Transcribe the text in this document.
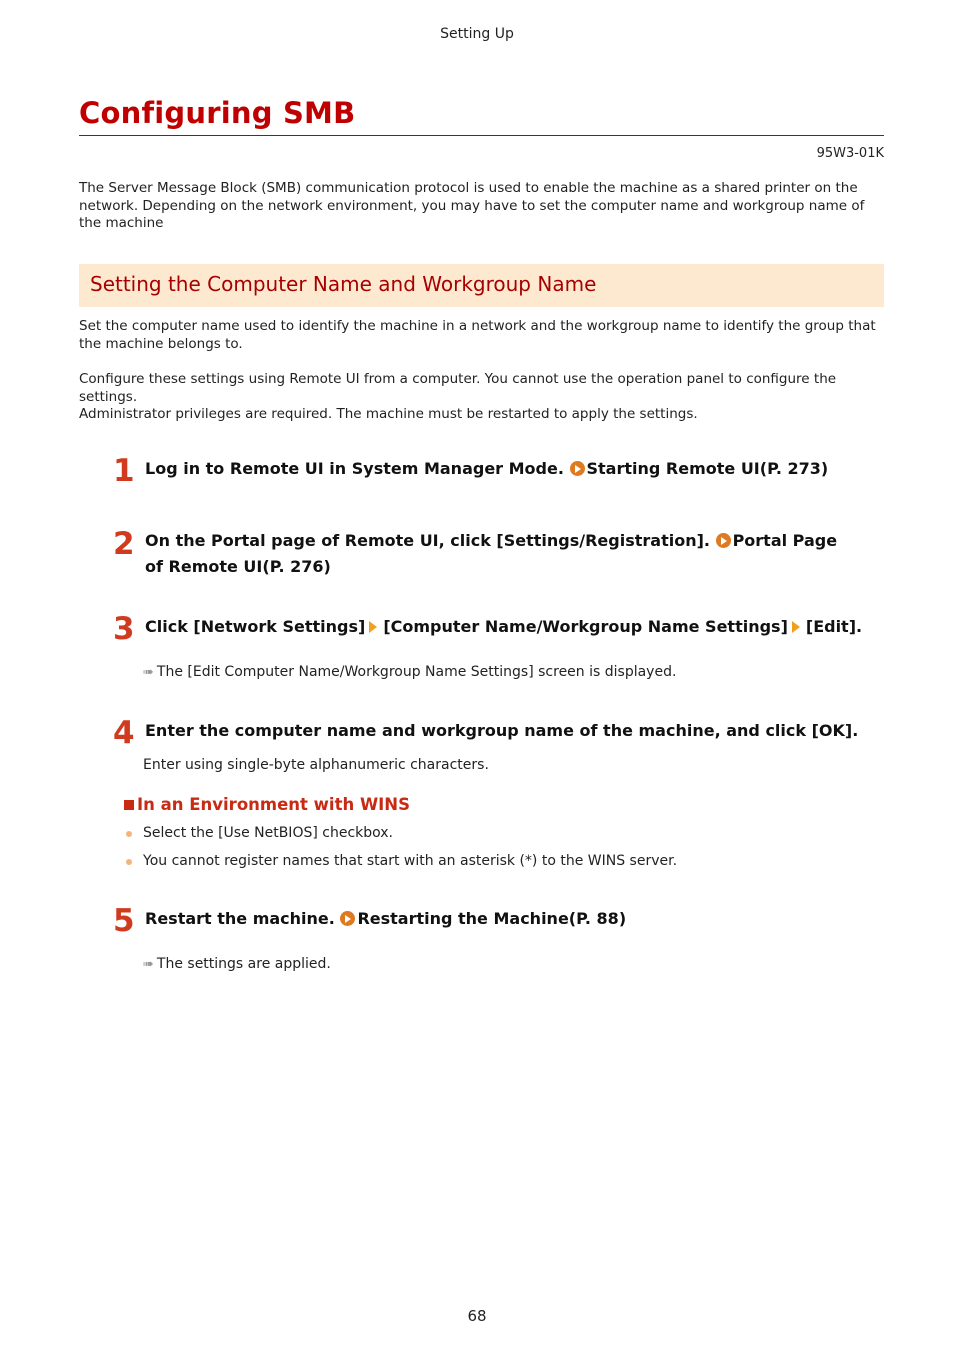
Setting Up
Configuring SMB
95W3-01K
The Server Message Block (SMB) communication protocol is used to enable the machine as a shared printer on the network. Depending on the network environment, you may have to set the computer name and workgroup name of the machine
Setting the Computer Name and Workgroup Name
Set the computer name used to identify the machine in a network and the workgroup name to identify the group that the machine belongs to.
Configure these settings using Remote UI from a computer. You cannot use the operation panel to configure the settings.
Administrator privileges are required. The machine must be restarted to apply the settings.
1 Log in to Remote UI in System Manager Mode. Starting Remote UI(P. 273)
2 On the Portal page of Remote UI, click [Settings/Registration]. Portal Page of Remote UI(P. 276)
3 Click [Network Settings] [Computer Name/Workgroup Name Settings] [Edit].
➠ The [Edit Computer Name/Workgroup Name Settings] screen is displayed.
4 Enter the computer name and workgroup name of the machine, and click [OK].
Enter using single-byte alphanumeric characters.
In an Environment with WINS
Select the [Use NetBIOS] checkbox.
You cannot register names that start with an asterisk (*) to the WINS server.
5 Restart the machine. Restarting the Machine(P. 88)
➠ The settings are applied.
68
